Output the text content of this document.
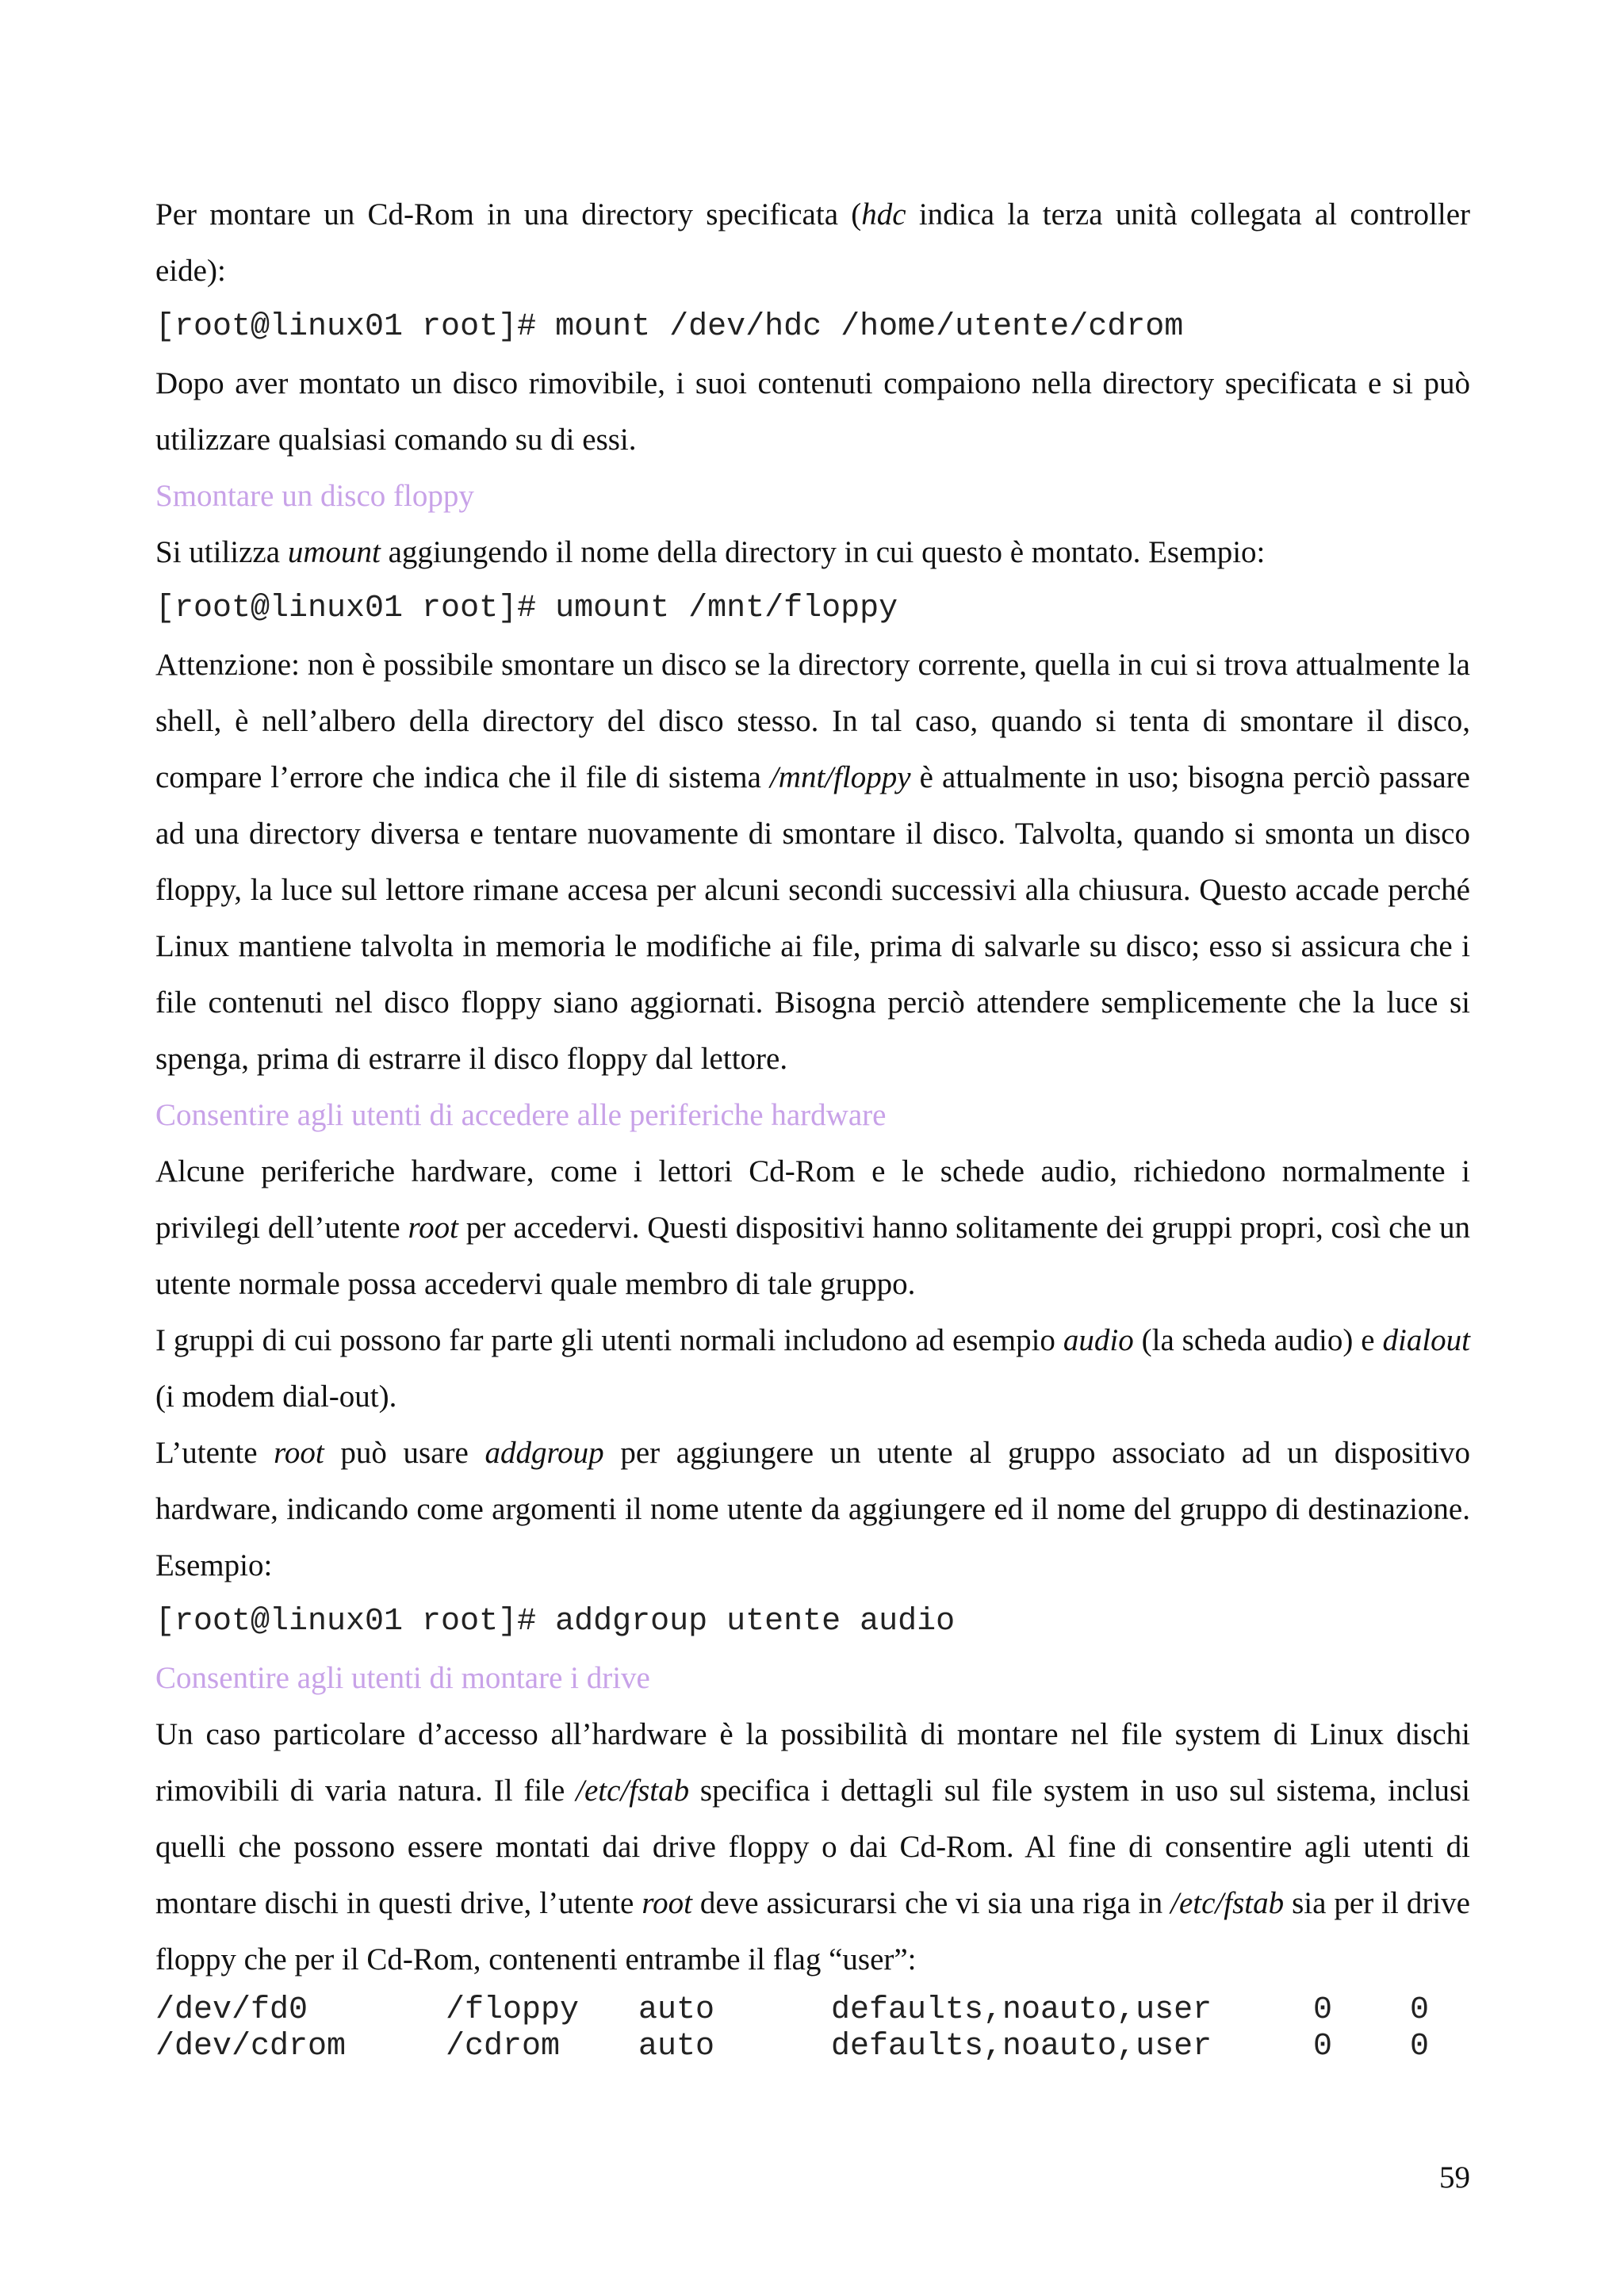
Per montare un Cd-Rom in una directory specificata (hdc indica la terza unità collegata al controller eide):

[root@linux01 root]# mount /dev/hdc /home/utente/cdrom

Dopo aver montato un disco rimovibile, i suoi contenuti compaiono nella directory specificata e si può utilizzare qualsiasi comando su di essi.

Smontare un disco floppy

Si utilizza umount aggiungendo il nome della directory in cui questo è montato. Esempio:

[root@linux01 root]# umount /mnt/floppy

Attenzione: non è possibile smontare un disco se la directory corrente, quella in cui si trova attualmente la shell, è nell’albero della directory del disco stesso. In tal caso, quando si tenta di smontare il disco, compare l’errore che indica che il file di sistema /mnt/floppy è attualmente in uso; bisogna perciò passare ad una directory diversa e tentare nuovamente di smontare il disco. Talvolta, quando si smonta un disco floppy, la luce sul lettore rimane accesa per alcuni secondi successivi alla chiusura. Questo accade perché Linux mantiene talvolta in memoria le modifiche ai file, prima di salvarle su disco; esso si assicura che i file contenuti nel disco floppy siano aggiornati. Bisogna perciò attendere semplicemente che la luce si spenga, prima di estrarre il disco floppy dal lettore.

Consentire agli utenti di accedere alle periferiche hardware

Alcune periferiche hardware, come i lettori Cd-Rom e le schede audio, richiedono normalmente i privilegi dell’utente root per accedervi. Questi dispositivi hanno solitamente dei gruppi propri, così che un utente normale possa accedervi quale membro di tale gruppo.

I gruppi di cui possono far parte gli utenti normali includono ad esempio audio (la scheda audio) e dialout (i modem dial-out).

L’utente root può usare addgroup per aggiungere un utente al gruppo associato ad un dispositivo hardware, indicando come argomenti il nome utente da aggiungere ed il nome del gruppo di destinazione. Esempio:

[root@linux01 root]# addgroup utente audio

Consentire agli utenti di montare i drive

Un caso particolare d’accesso all’hardware è la possibilità di montare nel file system di Linux dischi rimovibili di varia natura. Il file /etc/fstab specifica i dettagli sul file system in uso sul sistema, inclusi quelli che possono essere montati dai drive floppy o dai Cd-Rom. Al fine di consentire agli utenti di montare dischi in questi drive, l’utente root deve assicurarsi che vi sia una riga in /etc/fstab sia per il drive floppy che per il Cd-Rom, contenenti entrambe il flag “user”:

/dev/fd0	/floppy	auto	defaults,noauto,user	0	0
/dev/cdrom	/cdrom	auto	defaults,noauto,user	0	0
59
